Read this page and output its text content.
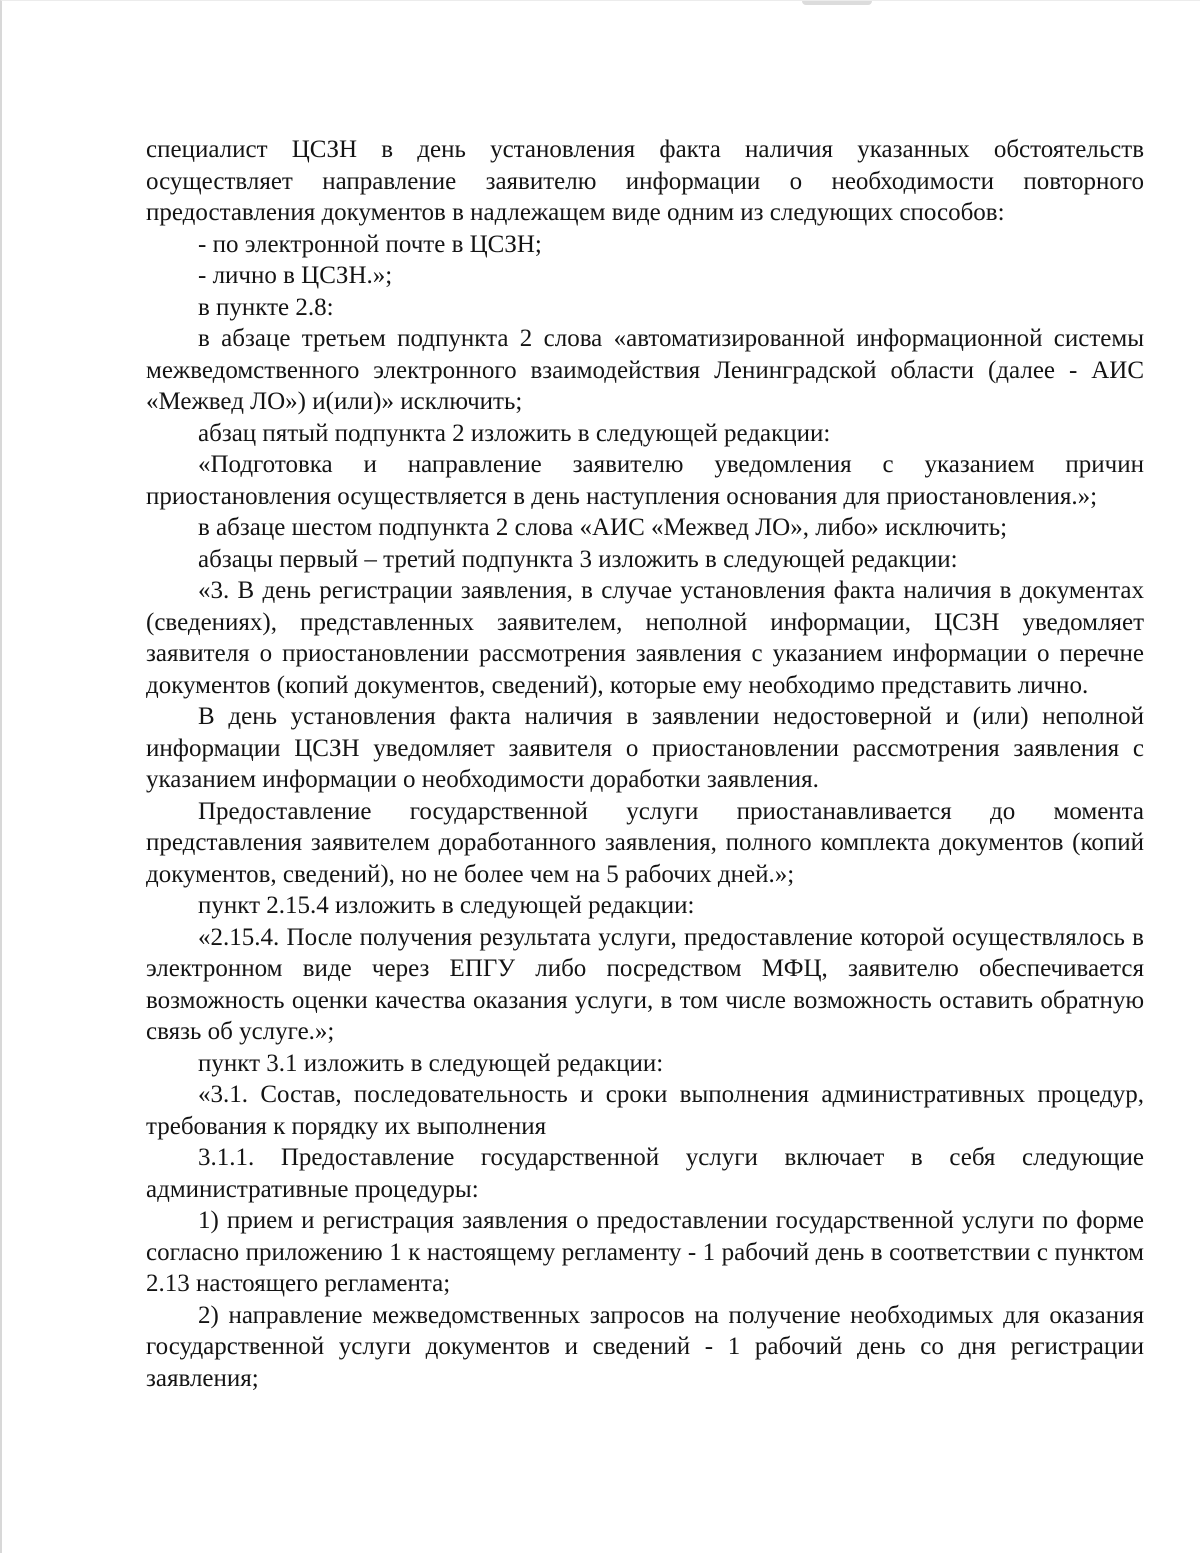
специалист ЦСЗН в день установления факта наличия указанных обстоятельств осуществляет направление заявителю информации о необходимости повторного предоставления документов в надлежащем виде одним из следующих способов:

- по электронной почте в ЦСЗН;

- лично в ЦСЗН.»;

в пункте 2.8:

в абзаце третьем подпункта 2 слова «автоматизированной информационной системы межведомственного электронного взаимодействия Ленинградской области (далее - АИС «Межвед ЛО») и(или)» исключить;

абзац пятый подпункта 2 изложить в следующей редакции:

«Подготовка и направление заявителю уведомления с указанием причин приостановления осуществляется в день наступления основания для приостановления.»;

в абзаце шестом подпункта 2 слова «АИС «Межвед ЛО», либо» исключить;

абзацы первый – третий подпункта 3 изложить в следующей редакции:

«3. В день регистрации заявления, в случае установления факта наличия в документах (сведениях), представленных заявителем, неполной информации, ЦСЗН уведомляет заявителя о приостановлении рассмотрения заявления с указанием информации о перечне документов (копий документов, сведений), которые ему необходимо представить лично.

В день установления факта наличия в заявлении недостоверной и (или) неполной информации ЦСЗН уведомляет заявителя о приостановлении рассмотрения заявления с указанием информации о необходимости доработки заявления.

Предоставление государственной услуги приостанавливается до момента представления заявителем доработанного заявления, полного комплекта документов (копий документов, сведений), но не более чем на 5 рабочих дней.»;

пункт 2.15.4 изложить в следующей редакции:

«2.15.4. После получения результата услуги, предоставление которой осуществлялось в электронном виде через ЕПГУ либо посредством МФЦ, заявителю обеспечивается возможность оценки качества оказания услуги, в том числе возможность оставить обратную связь об услуге.»;

пункт 3.1 изложить в следующей редакции:

«3.1. Состав, последовательность и сроки выполнения административных процедур, требования к порядку их выполнения

3.1.1. Предоставление государственной услуги включает в себя следующие административные процедуры:

1) прием и регистрация заявления о предоставлении государственной услуги по форме согласно приложению 1 к настоящему регламенту - 1 рабочий день в соответствии с пунктом 2.13 настоящего регламента;

2) направление межведомственных запросов на получение необходимых для оказания государственной услуги документов и сведений - 1 рабочий день со дня регистрации заявления;
